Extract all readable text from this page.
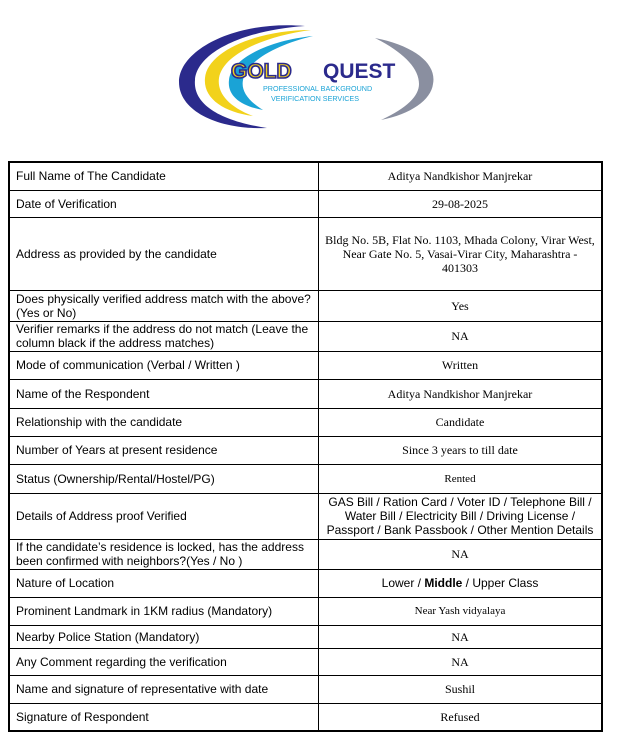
GOLD QUEST
PROFESSIONAL BACKGROUND
VERIFICATION SERVICES
Full Name of The Candidate	Aditya Nandkishor Manjrekar
Date of Verification	29-08-2025
Address as provided by the candidate	Bldg No. 5B, Flat No. 1103, Mhada Colony, Virar West, Near Gate No. 5, Vasai-Virar City, Maharashtra - 401303
Does physically verified address match with the above? (Yes or No)	Yes
Verifier remarks if the address do not match (Leave the column black if the address matches)	NA
Mode of communication (Verbal / Written )	Written
Name of the Respondent	Aditya Nandkishor Manjrekar
Relationship with the candidate	Candidate
Number of Years at present residence	Since 3 years to till date
Status (Ownership/Rental/Hostel/PG)	Rented
Details of Address proof Verified	GAS Bill / Ration Card / Voter ID / Telephone Bill / Water Bill / Electricity Bill / Driving License / Passport / Bank Passbook / Other Mention Details
If the candidate’s residence is locked, has the address been confirmed with neighbors?(Yes / No )	NA
Nature of Location	Lower / Middle / Upper Class
Prominent Landmark in 1KM radius (Mandatory)	Near Yash vidyalaya
Nearby Police Station (Mandatory)	NA
Any Comment regarding the verification	NA
Name and signature of representative with date	Sushil
Signature of Respondent	Refused
